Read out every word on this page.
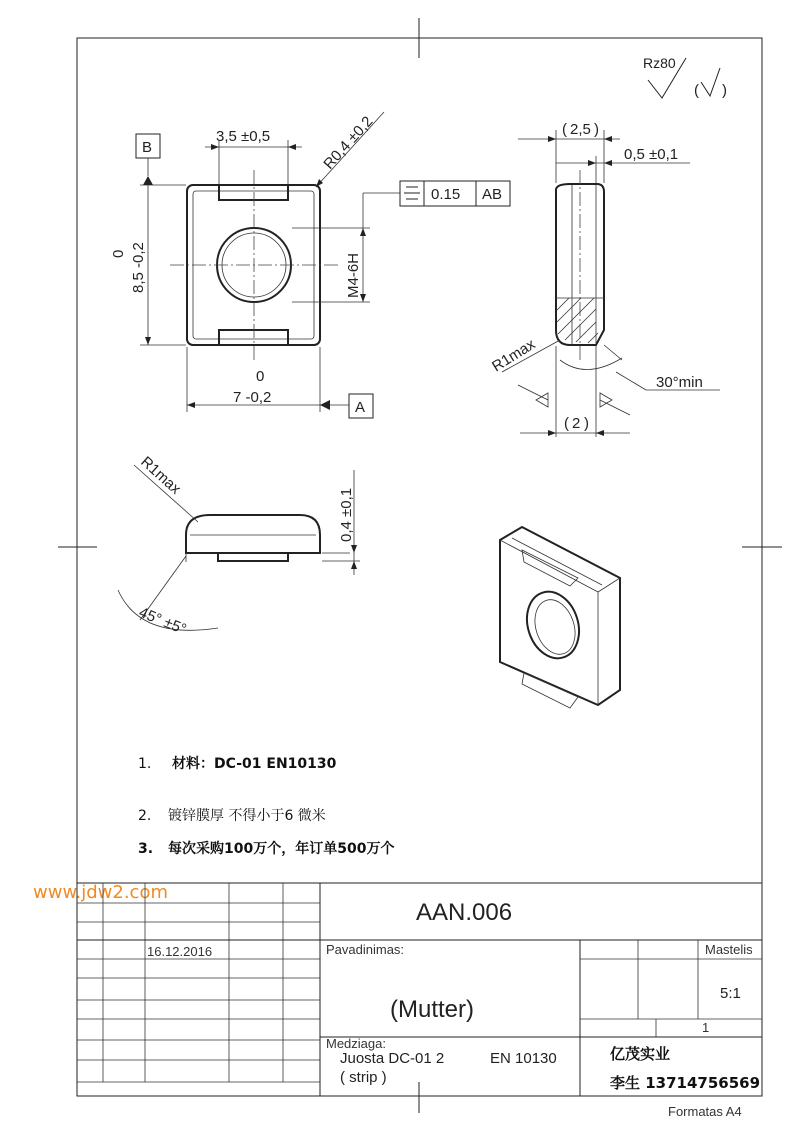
Rz80
( )
3,5 ±0,5	R0,4 ±0,2
0 8,5 -0,2
B
0
7 -0,2
A
M4-6H
0.15 AB
( 2,5 )
0,5 ±0,1
R1max
30°min
( 2 )
0,4 ±0,1
R1max
45° ±5°
1. 材料：DC-01 EN10130
2. 镀锌膜厚 不得小于6 微米
3. 每次采购100万个，年订单500万个
www.jdw2.com
AAN.006
16.12.2016	Pavadinimas:
(Mutter)
Mastelis
5:1
1
Medziaga:
Juosta DC-01 2	EN 10130
( strip )
亿茂实业
李生 13714756569
Formatas A4
